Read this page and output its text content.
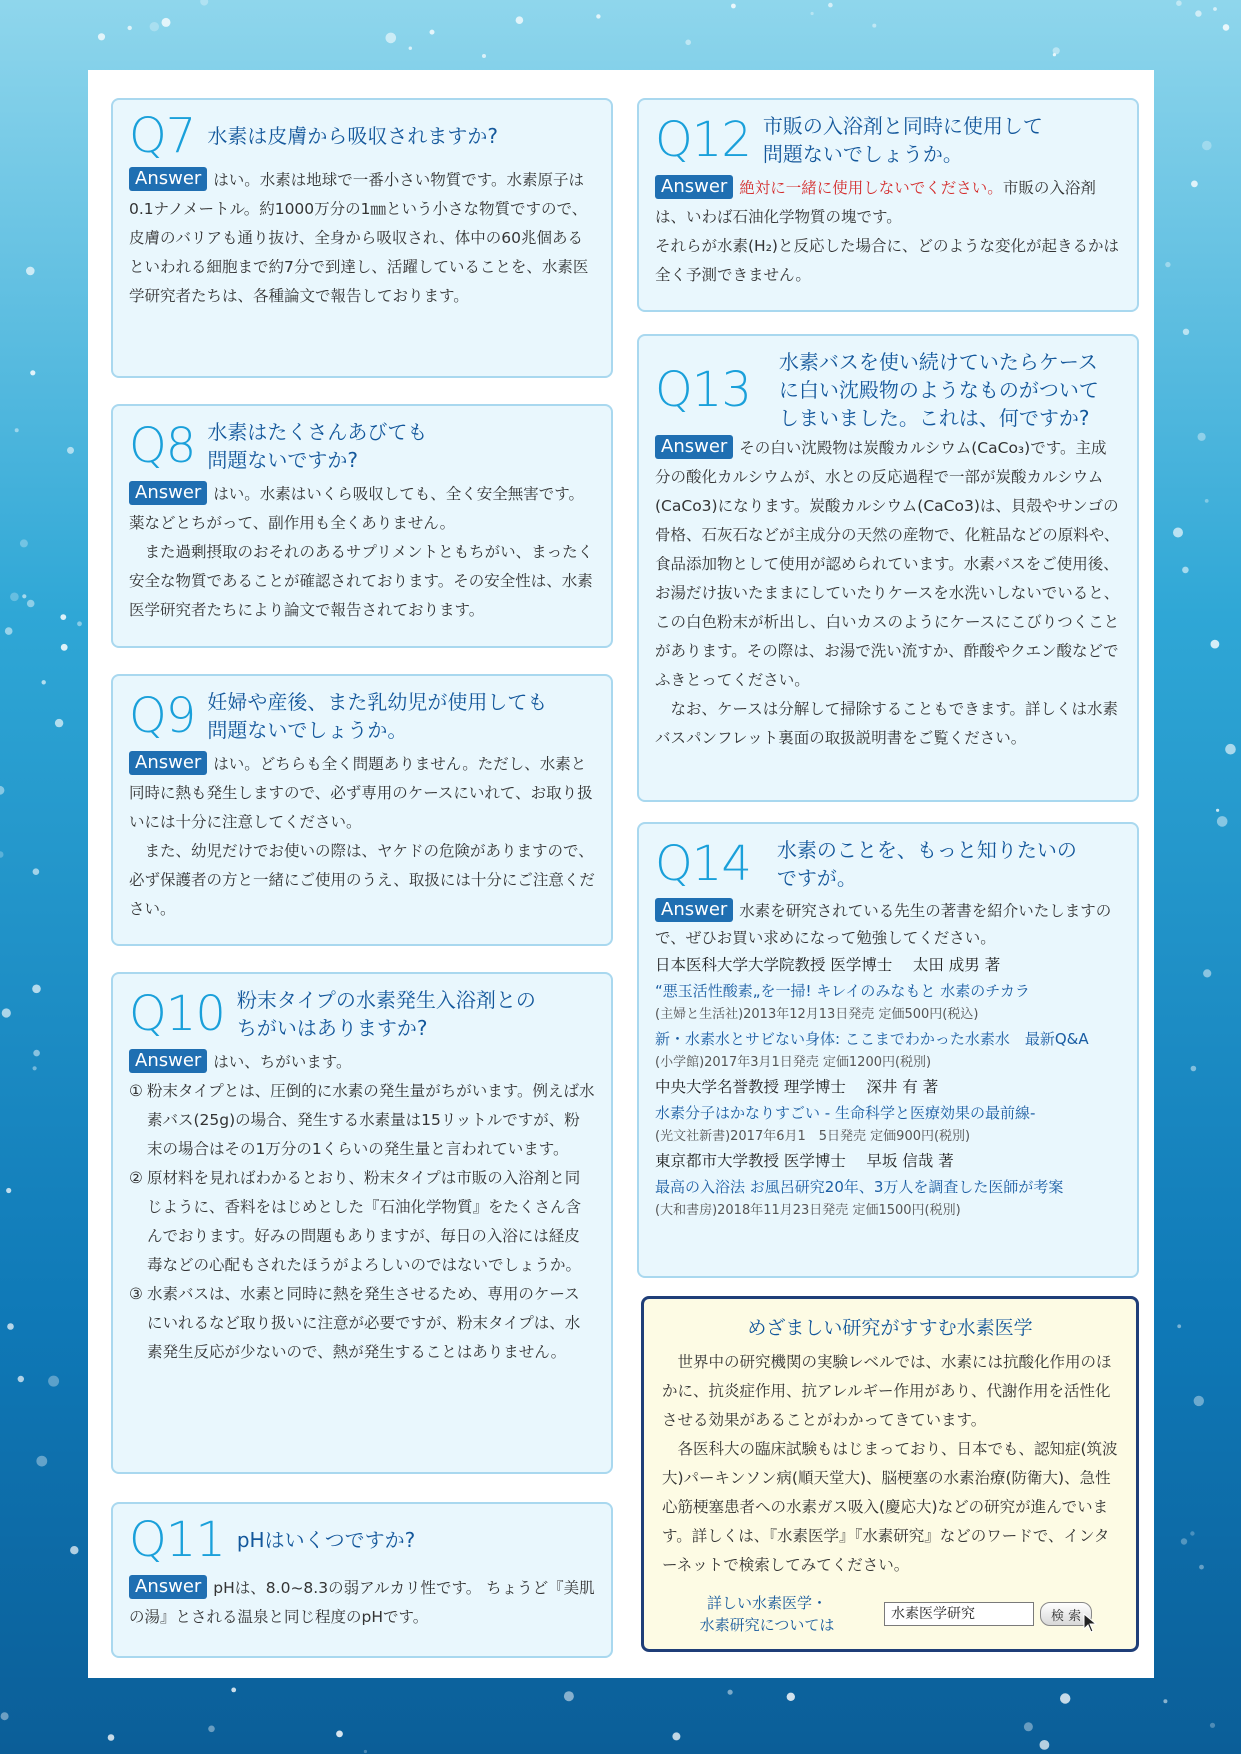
Q7 水素は皮膚から吸収されますか?

Answer はい。水素は地球で一番小さい物質です。水素原子は0.1ナノメートル。約1000万分の1㎜という小さな物質ですので、皮膚のバリアも通り抜け、全身から吸収され、体中の60兆個あるといわれる細胞まで約7分で到達し、活躍していることを、水素医学研究者たちは、各種論文で報告しております。

Q8 水素はたくさんあびても
問題ないですか?

Answer はい。水素はいくら吸収しても、全く安全無害です。薬などとちがって、副作用も全くありません。

また過剰摂取のおそれのあるサプリメントともちがい、まったく安全な物質であることが確認されております。その安全性は、水素医学研究者たちにより論文で報告されております。

Q9 妊婦や産後、また乳幼児が使用しても
問題ないでしょうか。

Answer はい。どちらも全く問題ありません。ただし、水素と同時に熱も発生しますので、必ず専用のケースにいれて、お取り扱いには十分に注意してください。

また、幼児だけでお使いの際は、ヤケドの危険がありますので、必ず保護者の方と一緒にご使用のうえ、取扱には十分にご注意ください。

Q10 粉末タイプの水素発生入浴剤との
ちがいはありますか?

Answer はい、ちがいます。

① 粉末タイプとは、圧倒的に水素の発生量がちがいます。例えば水素バス(25g)の場合、発生する水素量は15リットルですが、粉末の場合はその1万分の1くらいの発生量と言われています。
② 原材料を見ればわかるとおり、粉末タイプは市販の入浴剤と同じように、香料をはじめとした『石油化学物質』をたくさん含んでおります。好みの問題もありますが、毎日の入浴には経皮毒などの心配もされたほうがよろしいのではないでしょうか。
③ 水素バスは、水素と同時に熱を発生させるため、専用のケースにいれるなど取り扱いに注意が必要ですが、粉末タイプは、水素発生反応が少ないので、熱が発生することはありません。
Q11 pHはいくつですか?

Answer pHは、8.0~8.3の弱アルカリ性です。 ちょうど『美肌の湯』とされる温泉と同じ程度のpHです。

Q12 市販の入浴剤と同時に使用して
問題ないでしょうか。

Answer 絶対に一緒に使用しないでください。市販の入浴剤は、いわば石油化学物質の塊です。

それらが水素(H₂)と反応した場合に、どのような変化が起きるかは全く予測できません。

Q13 水素バスを使い続けていたらケース
に白い沈殿物のようなものがついて
しまいました。これは、何ですか?

Answer その白い沈殿物は炭酸カルシウム(CaCo₃)です。主成分の酸化カルシウムが、水との反応過程で一部が炭酸カルシウム(CaCo3)になります。炭酸カルシウム(CaCo3)は、貝殻やサンゴの骨格、石灰石などが主成分の天然の産物で、化粧品などの原料や、食品添加物として使用が認められています。水素バスをご使用後、お湯だけ抜いたままにしていたりケースを水洗いしないでいると、この白色粉末が析出し、白いカスのようにケースにこびりつくことがあります。その際は、お湯で洗い流すか、酢酸やクエン酸などでふきとってください。

なお、ケースは分解して掃除することもできます。詳しくは水素バスパンフレット裏面の取扱説明書をご覧ください。

Q14 水素のことを、もっと知りたいの
ですが。

Answer 水素を研究されている先生の著書を紹介いたしますので、ぜひお買い求めになって勉強してください。

日本医科大学大学院教授 医学博士　 太田 成男 著
“悪玉活性酸素„を一掃! キレイのみなもと 水素のチカラ
(主婦と生活社)2013年12月13日発売 定価500円(税込)
新・水素水とサビない身体: ここまでわかった水素水　最新Q&A
(小学館)2017年3月1日発売 定価1200円(税別)
中央大学名誉教授 理学博士　 深井 有 著
水素分子はかなりすごい - 生命科学と医療効果の最前線-
(光文社新書)2017年6月1　5日発売 定価900円(税別)
東京都市大学教授 医学博士　 早坂 信哉 著
最高の入浴法 お風呂研究20年、3万人を調査した医師が考案
(大和書房)2018年11月23日発売 定価1500円(税別)
めざましい研究がすすむ水素医学

世界中の研究機関の実験レベルでは、水素には抗酸化作用のほかに、抗炎症作用、抗アレルギー作用があり、代謝作用を活性化させる効果があることがわかってきています。

各医科大の臨床試験もはじまっており、日本でも、認知症(筑波大)パーキンソン病(順天堂大)、脳梗塞の水素治療(防衛大)、急性心筋梗塞患者への水素ガス吸入(慶応大)などの研究が進んでいます。詳しくは、『水素医学』『水素研究』などのワードで、インターネットで検索してみてください。

詳しい水素医学・
水素研究については
水素医学研究	検 索
